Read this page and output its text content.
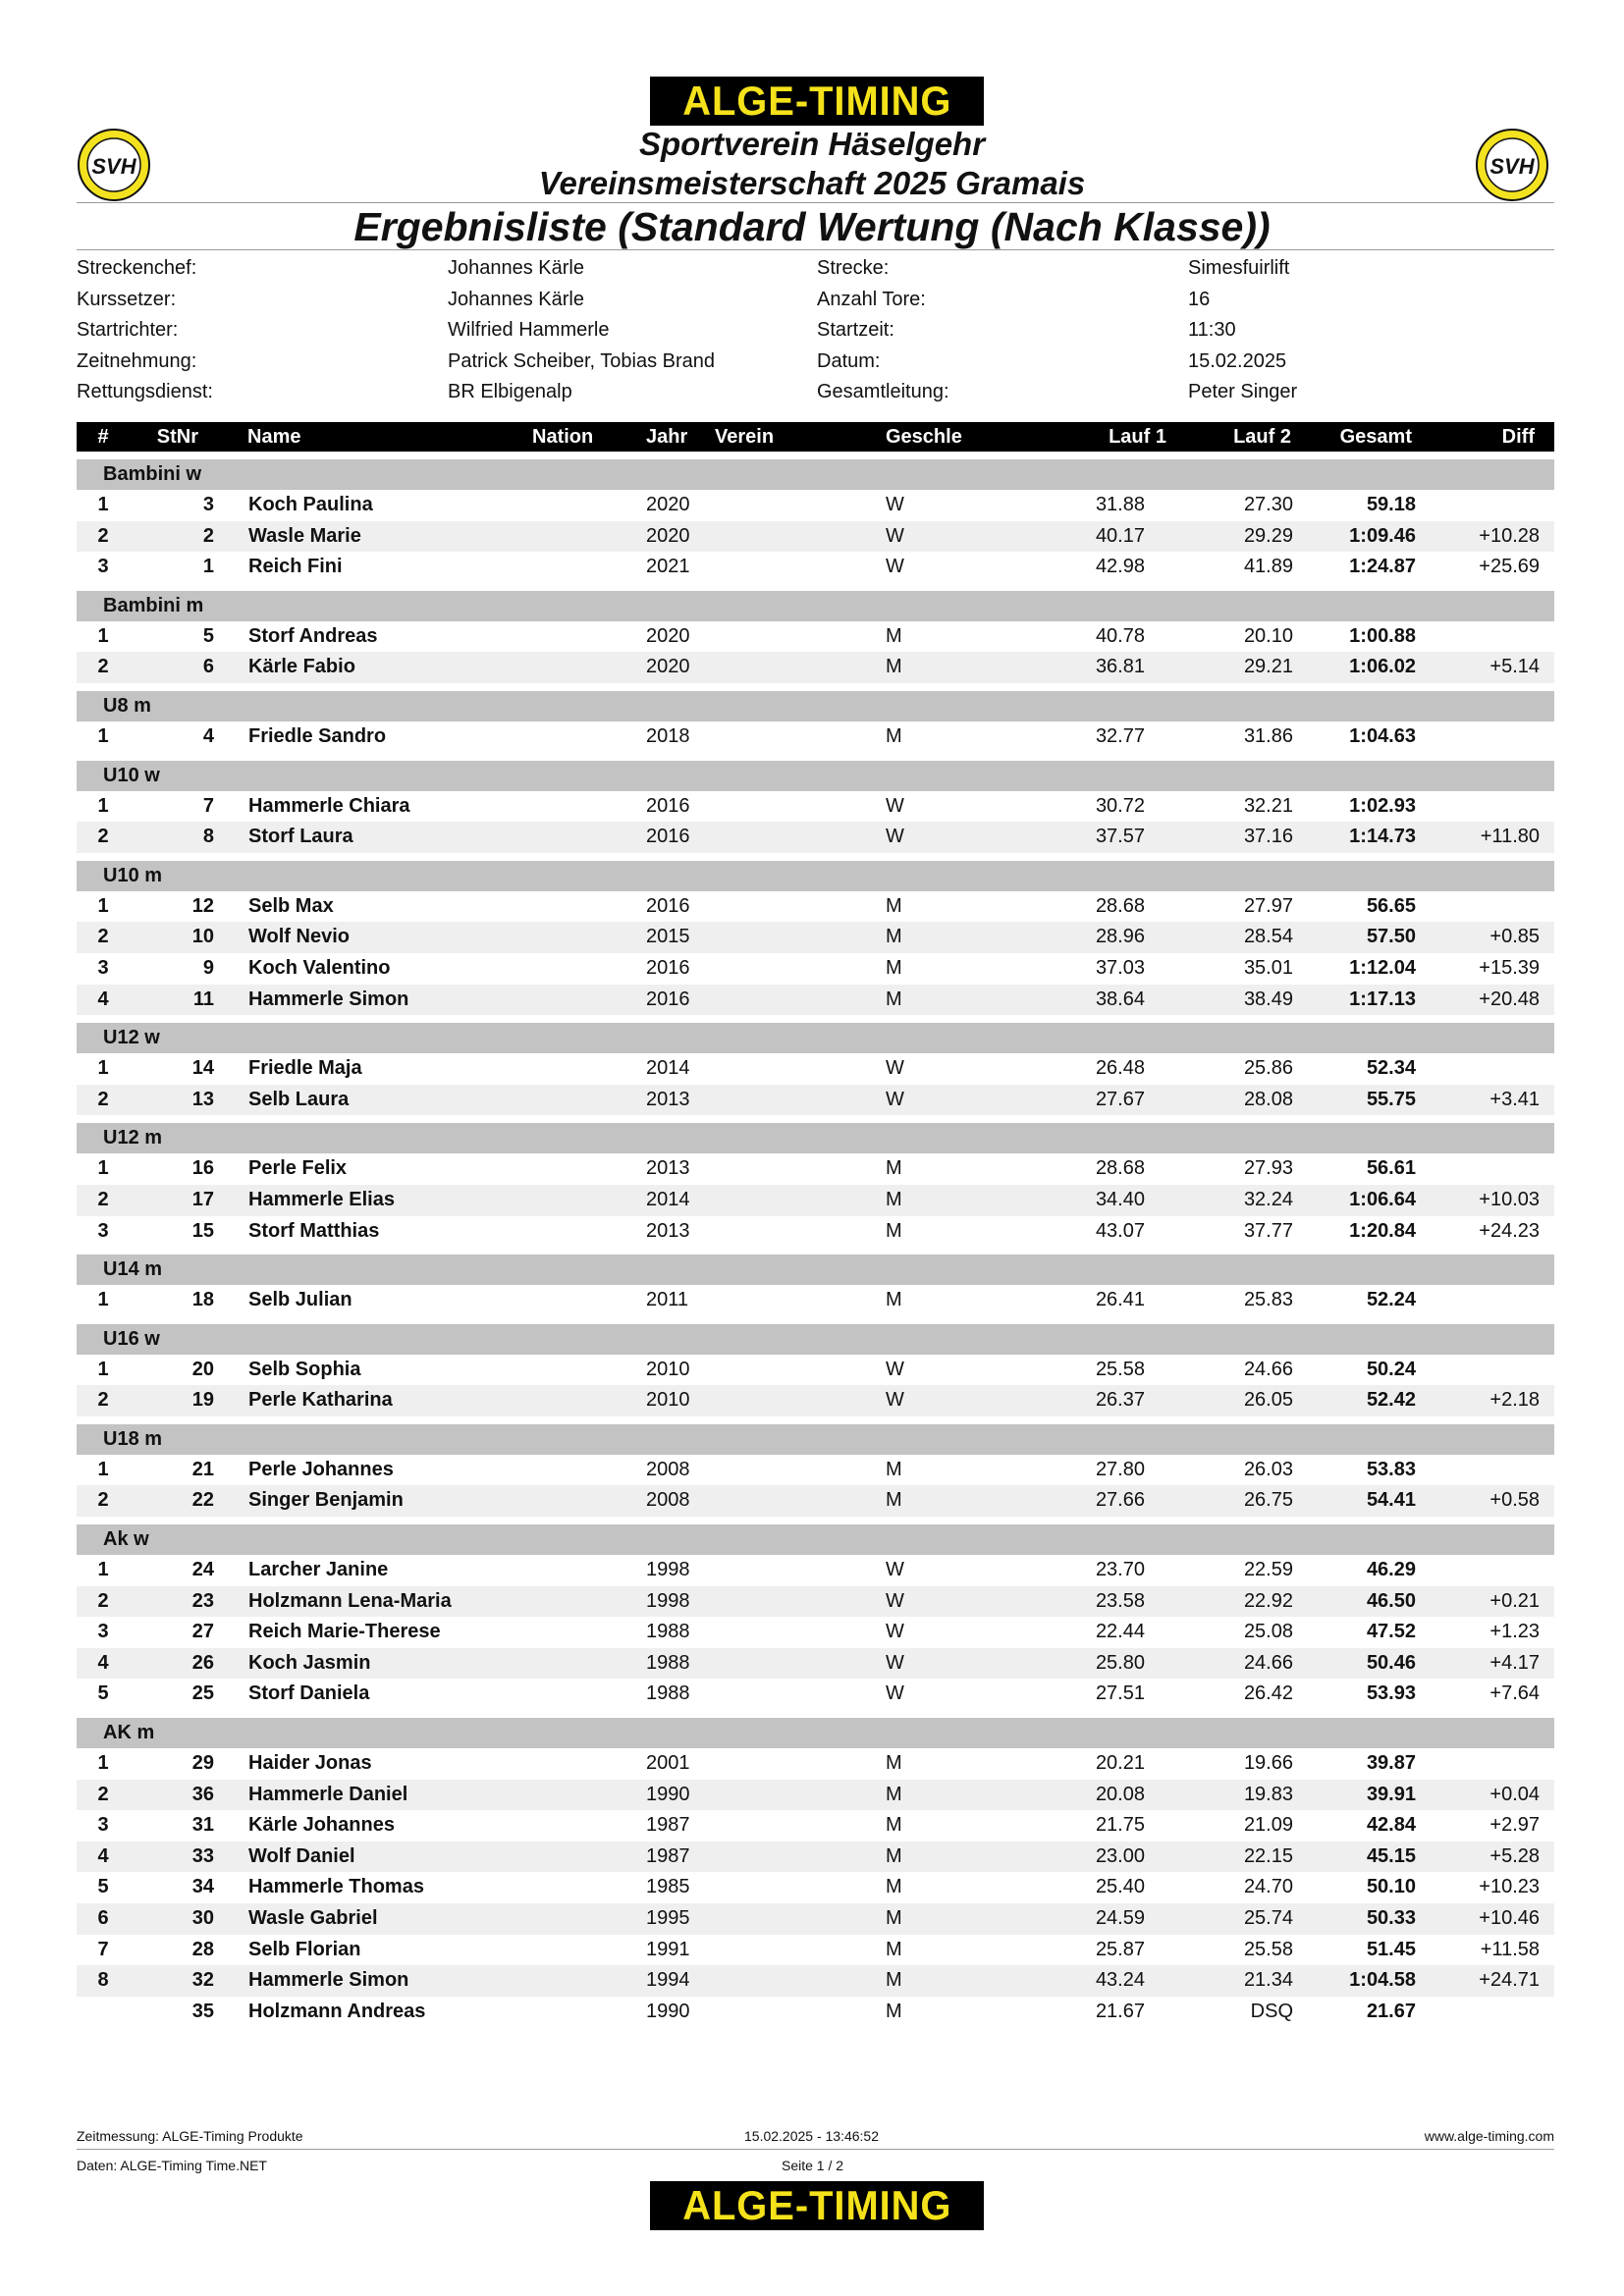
ALGE-TIMING
SVH	SVH
Sportverein Häselgehr
Vereinsmeisterschaft 2025 Gramais
Ergebnisliste (Standard Wertung (Nach Klasse))
Streckenchef:	Johannes Kärle	Strecke:	Simesfuirlift
Kurssetzer:	Johannes Kärle	Anzahl Tore:	16
Startrichter:	Wilfried Hammerle	Startzeit:	11:30
Zeitnehmung:	Patrick Scheiber, Tobias Brand	Datum:	15.02.2025
Rettungsdienst:	BR Elbigenalp	Gesamtleitung:	Peter Singer
#	StNr	Name	Nation	Jahr	Verein	Geschle	Lauf 1	Lauf 2	Gesamt	Diff
Bambini w
1	3 Koch Paulina	2020	W	31.88	27.30	59.18
2	2 Wasle Marie	2020	W	40.17	29.29	1:09.46	+10.28
3	1 Reich Fini	2021	W	42.98	41.89	1:24.87	+25.69
Bambini m
1	5 Storf Andreas	2020	M	40.78	20.10	1:00.88
2	6 Kärle Fabio	2020	M	36.81	29.21	1:06.02	+5.14
U8 m
1	4 Friedle Sandro	2018	M	32.77	31.86	1:04.63
U10 w
1	7 Hammerle Chiara	2016	W	30.72	32.21	1:02.93
2	8 Storf Laura	2016	W	37.57	37.16	1:14.73	+11.80
U10 m
1	12 Selb Max	2016	M	28.68	27.97	56.65
2	10 Wolf Nevio	2015	M	28.96	28.54	57.50	+0.85
3	9 Koch Valentino	2016	M	37.03	35.01	1:12.04	+15.39
4	11 Hammerle Simon	2016	M	38.64	38.49	1:17.13	+20.48
U12 w
1	14 Friedle Maja	2014	W	26.48	25.86	52.34
2	13 Selb Laura	2013	W	27.67	28.08	55.75	+3.41
U12 m
1	16 Perle Felix	2013	M	28.68	27.93	56.61
2	17 Hammerle Elias	2014	M	34.40	32.24	1:06.64	+10.03
3	15 Storf Matthias	2013	M	43.07	37.77	1:20.84	+24.23
U14 m
1	18 Selb Julian	2011	M	26.41	25.83	52.24
U16 w
1	20 Selb Sophia	2010	W	25.58	24.66	50.24
2	19 Perle Katharina	2010	W	26.37	26.05	52.42	+2.18
U18 m
1	21 Perle Johannes	2008	M	27.80	26.03	53.83
2	22 Singer Benjamin	2008	M	27.66	26.75	54.41	+0.58
Ak w
1	24 Larcher Janine	1998	W	23.70	22.59	46.29
2	23 Holzmann Lena-Maria	1998	W	23.58	22.92	46.50	+0.21
3	27 Reich Marie-Therese	1988	W	22.44	25.08	47.52	+1.23
4	26 Koch Jasmin	1988	W	25.80	24.66	50.46	+4.17
5	25 Storf Daniela	1988	W	27.51	26.42	53.93	+7.64
AK m
1	29 Haider Jonas	2001	M	20.21	19.66	39.87
2	36 Hammerle Daniel	1990	M	20.08	19.83	39.91	+0.04
3	31 Kärle Johannes	1987	M	21.75	21.09	42.84	+2.97
4	33 Wolf Daniel	1987	M	23.00	22.15	45.15	+5.28
5	34 Hammerle Thomas	1985	M	25.40	24.70	50.10	+10.23
6	30 Wasle Gabriel	1995	M	24.59	25.74	50.33	+10.46
7	28 Selb Florian	1991	M	25.87	25.58	51.45	+11.58
8	32 Hammerle Simon	1994	M	43.24	21.34	1:04.58	+24.71
35 Holzmann Andreas	1990	M	21.67	DSQ	21.67
Zeitmessung: ALGE-Timing Produkte	15.02.2025 - 13:46:52	www.alge-timing.com
Daten: ALGE-Timing Time.NET	Seite 1 / 2
ALGE-TIMING
